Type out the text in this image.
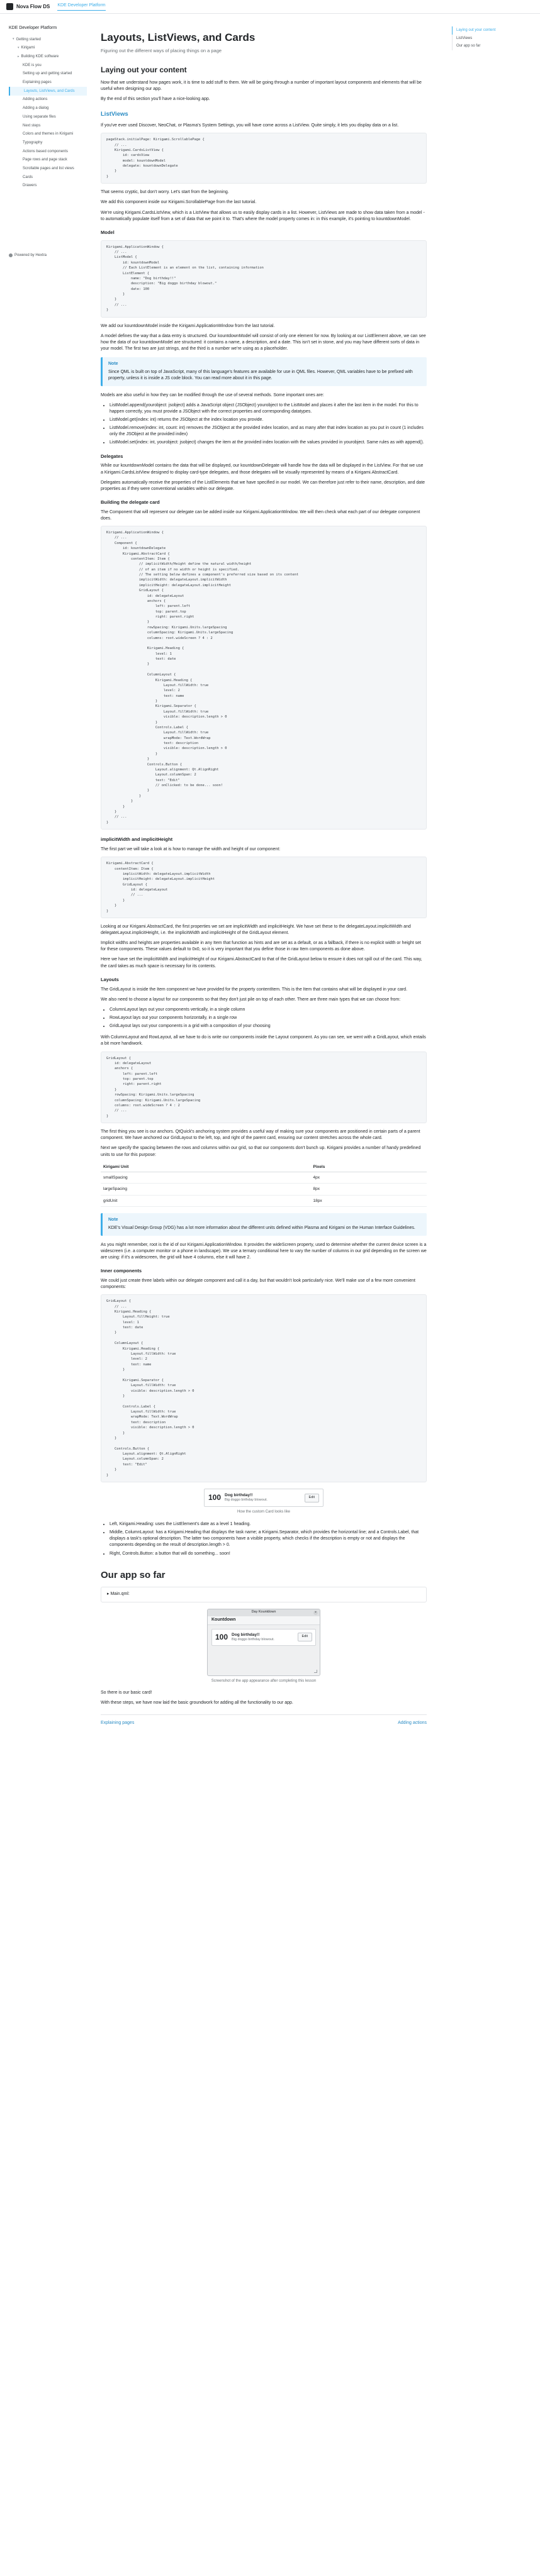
Nova Flow DS KDE Developer Platform
KDE Developer Platform
▾ Getting started
▾ Kirigami
▸ Building KDE software
KDE is you
Setting up and getting started
Explaining pages
Layouts, ListViews, and Cards
Adding actions
Adding a dialog
Using separate files
Next steps
Colors and themes in Kirigami
Typography
Actions based components
Page rows and page stack
Scrollable pages and list views
Cards
Drawers
Powered by Hextra
Laying out your content
ListViews
Our app so far
Layouts, ListViews, and Cards
Figuring out the different ways of placing things on a page
Laying out your content

Now that we understand how pages work, it is time to add stuff to them. We will be going through a number of important layout components and elements that will be useful when designing our app.

By the end of this section you'll have a nice-looking app.

ListViews

If you've ever used Discover, NeoChat, or Plasma's System Settings, you will have come across a ListView. Quite simply, it lets you display data on a list.

pageStack.initialPage: Kirigami.ScrollablePage {
// ...
Kirigami.CardsListView {
id: cardsView
model: kountdownModel
delegate: kountdownDelegate
}
}

That seems cryptic, but don't worry. Let's start from the beginning.

We add this component inside our Kirigami.ScrollablePage from the last tutorial.

We're using Kirigami.CardsListView, which is a ListView that allows us to easily display cards in a list. However, ListViews are made to show data taken from a model - to automatically populate itself from a set of data that we point it to. That's where the model property comes in: in this example, it's pointing to kountdownModel.

Model
Kirigami.ApplicationWindow {
// ...
ListModel {
id: kountdownModel
// Each ListElement is an element on the list, containing information
ListElement {
name: "Dog birthday!!"
description: "Big doggo birthday blowout."
date: 100
}
}
// ...
}

We add our kountdownModel inside the Kirigami.ApplicationWindow from the last tutorial.

A model defines the way that a data entry is structured. Our kountdownModel will consist of only one element for now. By looking at our ListElement above, we can see how the data of our kountdownModel are structured: it contains a name, a description, and a date. This isn't set in stone, and you may have different sorts of data in your model. The first two are just strings, and the third is a number we're using as a placeholder.

Note
Since QML is built on top of JavaScript, many of this language's features are available for use in QML files. However, QML variables have to be prefixed with property, unless it is inside a JS code block. You can read more about it in this page.

Models are also useful in how they can be modified through the use of several methods. Some important ones are:

• ListModel.append(yourobject: jsobject) adds a JavaScript object (JSObject) yourobject to the ListModel and places it after the last item in the model. For this to happen correctly, you must provide a JSObject with the correct properties and corresponding datatypes.
• ListModel.get(index: int) returns the JSObject at the index location you provide.
• ListModel.remove(index: int, count: int) removes the JSObject at the provided index location, and as many after that index location as you put in count (1 includes only the JSObject at the provided index)
• ListModel.set(index: int, yourobject: jsobject) changes the item at the provided index location with the values provided in yourobject. Same rules as with append().
Delegates

While our kountdownModel contains the data that will be displayed, our kountdownDelegate will handle how the data will be displayed in the ListView. For that we use a Kirigami.CardsListView designed to display card-type delegates, and those delegates will be visually represented by means of a Kirigami.AbstractCard.

Delegates automatically receive the properties of the ListElements that we have specified in our model. We can therefore just refer to their name, description, and date properties as if they were conventional variables within our delegate.

Building the delegate card

The Component that will represent our delegate can be added inside our Kirigami.ApplicationWindow. We will then check what each part of our delegate component does.

Kirigami.ApplicationWindow {
// ...
Component {
id: kountdownDelegate
Kirigami.AbstractCard {
contentItem: Item {
// implicitWidth/Height define the natural width/height
// of an item if no width or height is specified.
// The setting below defines a component's preferred size based on its content
implicitWidth: delegateLayout.implicitWidth
implicitHeight: delegateLayout.implicitHeight
GridLayout {
id: delegateLayout
anchors {
left: parent.left
top: parent.top
right: parent.right
}
rowSpacing: Kirigami.Units.largeSpacing
columnSpacing: Kirigami.Units.largeSpacing
columns: root.wideScreen ? 4 : 2

Kirigami.Heading {
level: 1
text: date
}

ColumnLayout {
Kirigami.Heading {
Layout.fillWidth: true
level: 2
text: name
}
Kirigami.Separator {
Layout.fillWidth: true
visible: description.length > 0
}
Controls.Label {
Layout.fillWidth: true
wrapMode: Text.WordWrap
text: description
visible: description.length > 0
}
}
Controls.Button {
Layout.alignment: Qt.AlignRight
Layout.columnSpan: 2
text: "Edit"
// onClicked: to be done... soon!
}
}
}
}
}
// ...
}
implicitWidth and implicitHeight

The first part we will take a look at is how to manage the width and height of our component:

Kirigami.AbstractCard {
contentItem: Item {
implicitWidth: delegateLayout.implicitWidth
implicitHeight: delegateLayout.implicitHeight
GridLayout {
id: delegateLayout
// ...
}
}
}

Looking at our Kirigami.AbstractCard, the first properties we set are implicitWidth and implicitHeight. We have set these to the delegateLayout.implicitWidth and delegateLayout.implicitHeight, i.e. the implicitWidth and implicitHeight of the GridLayout element.

Implicit widths and heights are properties available in any Item that function as hints and are set as a default, or as a fallback, if there is no explicit width or height set for these components. These values default to 0x0, so it is very important that you define those in raw Item components as done above.

Here we have set the implicitWidth and implicitHeight of our Kirigami.AbstractCard to that of the GridLayout below to ensure it does not spill out of the card. This way, the card takes as much space is necessary for its contents.

Layouts

The GridLayout is inside the Item component we have provided for the property contentItem. This is the Item that contains what will be displayed in your card.

We also need to choose a layout for our components so that they don't just pile on top of each other. There are three main types that we can choose from:

• ColumnLayout lays out your components vertically, in a single column
• RowLayout lays out your components horizontally, in a single row
• GridLayout lays out your components in a grid with a composition of your choosing

With ColumnLayout and RowLayout, all we have to do is write our components inside the Layout component. As you can see, we went with a GridLayout, which entails a bit more handiwork.

GridLayout {
id: delegateLayout
anchors {
left: parent.left
top: parent.top
right: parent.right
}
rowSpacing: Kirigami.Units.largeSpacing
columnSpacing: Kirigami.Units.largeSpacing
columns: root.wideScreen ? 4 : 2
// ...
}

The first thing you see is our anchors. QtQuick's anchoring system provides a useful way of making sure your components are positioned in certain parts of a parent component. We have anchored our GridLayout to the left, top, and right of the parent card, ensuring our content stretches across the whole card.

Next we specify the spacing between the rows and columns within our grid, so that our components don't bunch up. Kirigami provides a number of handy predefined units to use for this purpose:

Kirigami Unit	Pixels
smallSpacing	4px
largeSpacing	8px
gridUnit	18px
Note
KDE's Visual Design Group (VDG) has a lot more information about the different units defined within Plasma and Kirigami on the Human Interface Guidelines.

As you might remember, root is the id of our Kirigami.ApplicationWindow. It provides the wideScreen property, used to determine whether the current device screen is a widescreen (i.e. a computer monitor or a phone in landscape). We use a ternary conditional here to vary the number of columns in our grid depending on the screen we are using: if it's a widescreen, the grid will have 4 columns, else it will have 2.

Inner components

We could just create three labels within our delegate component and call it a day, but that wouldn't look particularly nice. We'll make use of a few more convenient components:

GridLayout {
// ...
Kirigami.Heading {
Layout.fillHeight: true
level: 1
text: date
}

ColumnLayout {
Kirigami.Heading {
Layout.fillWidth: true
level: 2
text: name
}

Kirigami.Separator {
Layout.fillWidth: true
visible: description.length > 0
}

Controls.Label {
Layout.fillWidth: true
wrapMode: Text.WordWrap
text: description
visible: description.length > 0
}
}

Controls.Button {
Layout.alignment: Qt.AlignRight
Layout.columnSpan: 2
text: "Edit"
}
}
100 Dog birthday!!
Big doggo birthday blowout.
Edit
How the custom Card looks like
• Left, Kirigami.Heading: uses the ListElement's date as a level 1 heading.
• Middle, ColumnLayout: has a Kirigami.Heading that displays the task name; a Kirigami.Separator, which provides the horizontal line; and a Controls.Label, that displays a task's optional description. The latter two components have a visible property, which checks if the description is empty or not and displays the components depending on the result of description.length > 0.
• Right, Controls.Button: a button that will do something... soon!
Our app so far
▸ Main.qml:
Day Kountdown	×
Kountdown
100 Dog birthday!!
Big doggo birthday blowout.
Edit
Screenshot of the app appearance after completing this lesson

So there is our basic card!

With these steps, we have now laid the basic groundwork for adding all the functionality to our app.

Explaining pages	Adding actions
